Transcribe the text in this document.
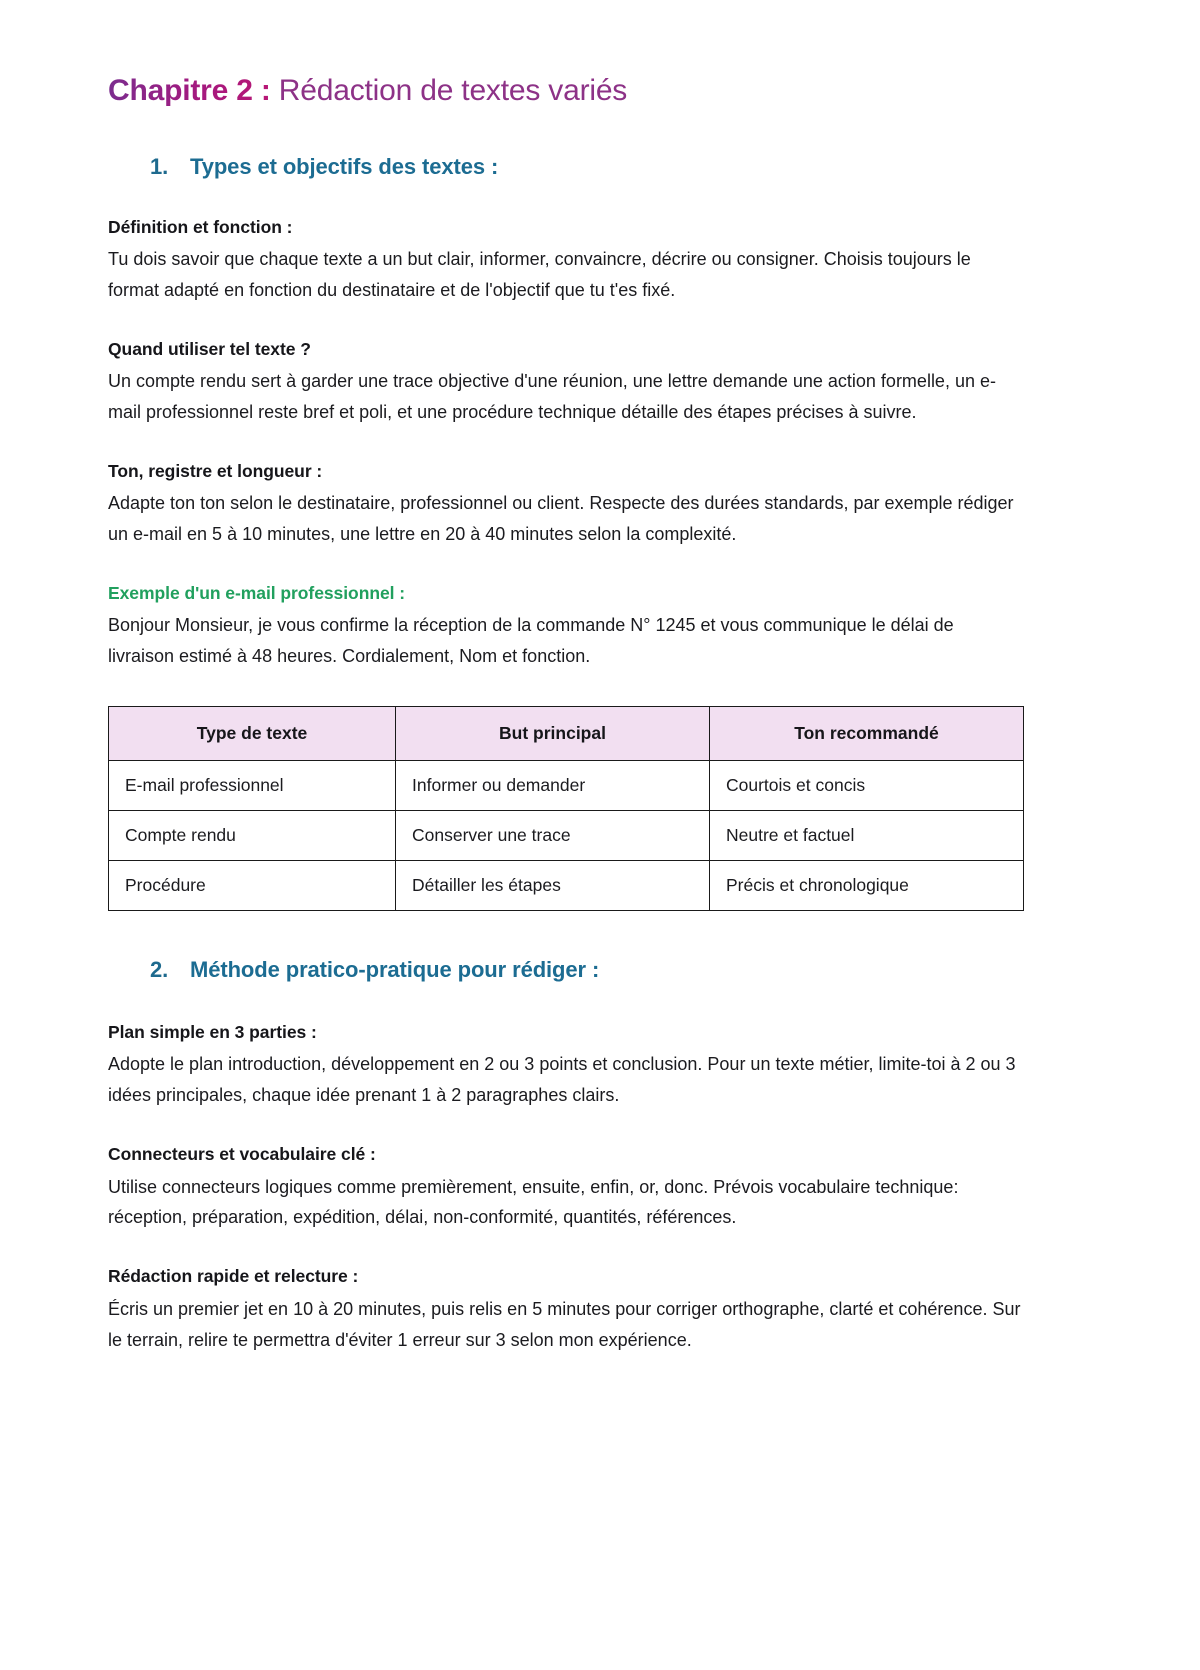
Chapitre 2 : Rédaction de textes variés
1. Types et objectifs des textes :

Définition et fonction :

Tu dois savoir que chaque texte a un but clair, informer, convaincre, décrire ou consigner. Choisis toujours le format adapté en fonction du destinataire et de l'objectif que tu t'es fixé.

Quand utiliser tel texte ?

Un compte rendu sert à garder une trace objective d'une réunion, une lettre demande une action formelle, un e-mail professionnel reste bref et poli, et une procédure technique détaille des étapes précises à suivre.

Ton, registre et longueur :

Adapte ton ton selon le destinataire, professionnel ou client. Respecte des durées standards, par exemple rédiger un e-mail en 5 à 10 minutes, une lettre en 20 à 40 minutes selon la complexité.

Exemple d'un e-mail professionnel :

Bonjour Monsieur, je vous confirme la réception de la commande N° 1245 et vous communique le délai de livraison estimé à 48 heures. Cordialement, Nom et fonction.

Type de texte	But principal	Ton recommandé
E-mail professionnel	Informer ou demander	Courtois et concis
Compte rendu	Conserver une trace	Neutre et factuel
Procédure	Détailler les étapes	Précis et chronologique
2. Méthode pratico-pratique pour rédiger :

Plan simple en 3 parties :

Adopte le plan introduction, développement en 2 ou 3 points et conclusion. Pour un texte métier, limite-toi à 2 ou 3 idées principales, chaque idée prenant 1 à 2 paragraphes clairs.

Connecteurs et vocabulaire clé :

Utilise connecteurs logiques comme premièrement, ensuite, enfin, or, donc. Prévois vocabulaire technique: réception, préparation, expédition, délai, non-conformité, quantités, références.

Rédaction rapide et relecture :

Écris un premier jet en 10 à 20 minutes, puis relis en 5 minutes pour corriger orthographe, clarté et cohérence. Sur le terrain, relire te permettra d'éviter 1 erreur sur 3 selon mon expérience.
